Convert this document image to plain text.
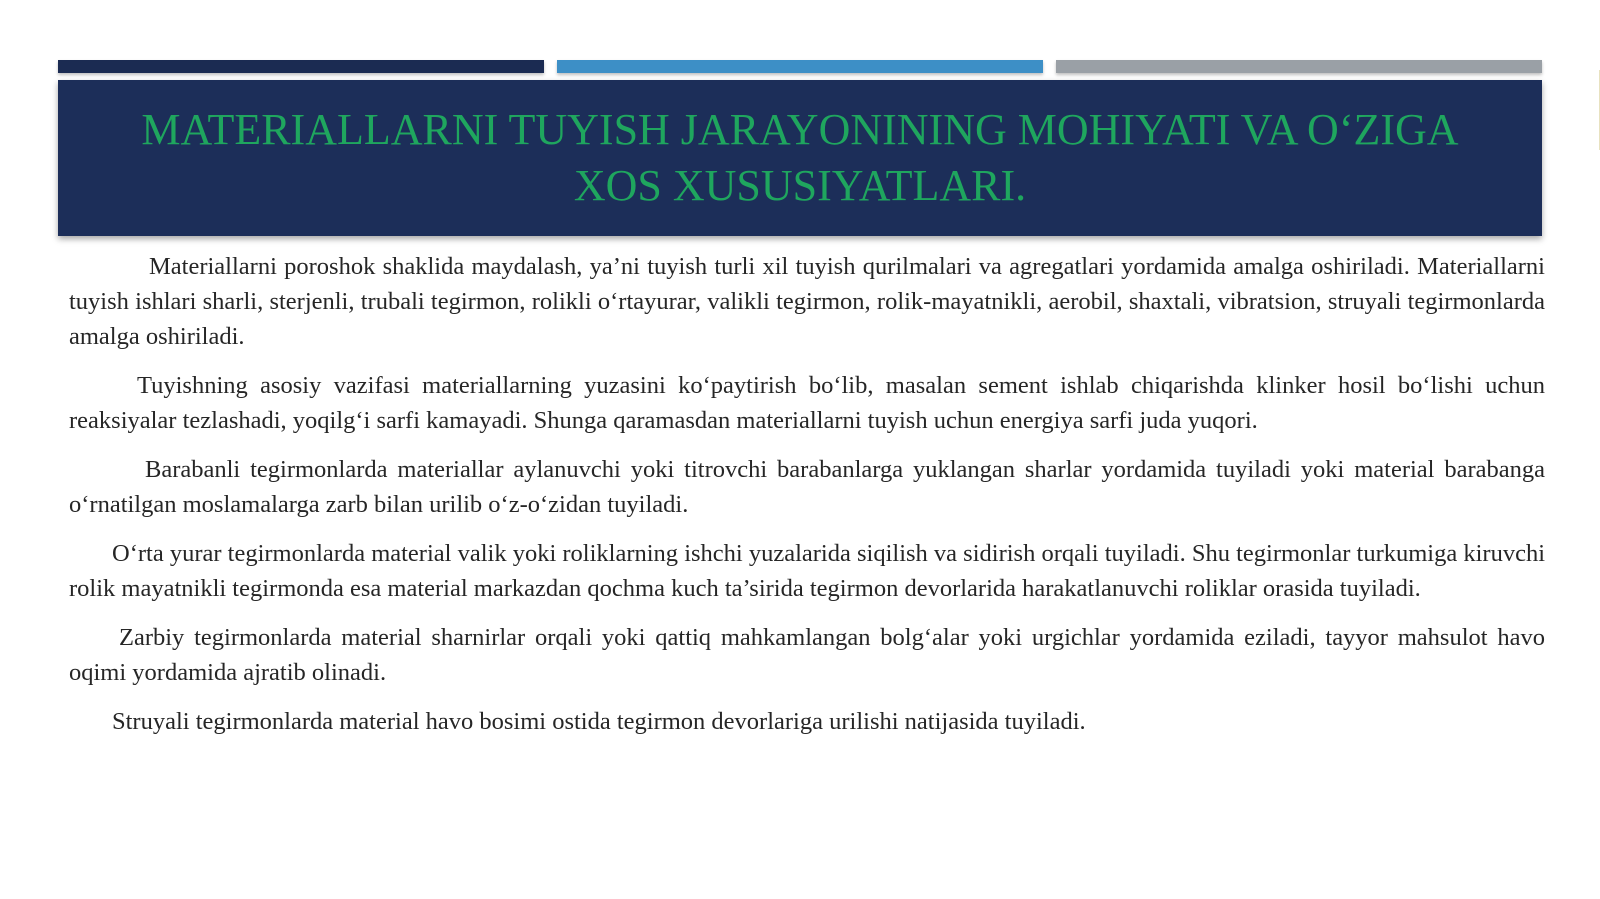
MATERIALLARNI TUYISH JARAYONINING MOHIYATI VA O‘ZIGA XOS XUSUSIYATLARI.

Materiallarni poroshok shaklida maydalash, ya’ni tuyish turli xil tuyish qurilmalari va agregatlari yordamida amalga oshiriladi. Materiallarni tuyish ishlari sharli, sterjenli, trubali tegirmon, rolikli o‘rtayurar, valikli tegirmon, rolik-mayatnikli, aerobil, shaxtali, vibratsion, struyali tegirmonlarda amalga oshiriladi.

Tuyishning asosiy vazifasi materiallarning yuzasini ko‘paytirish bo‘lib, masalan sement ishlab chiqarishda klinker hosil bo‘lishi uchun reaksiyalar tezlashadi, yoqilg‘i sarfi kamayadi. Shunga qaramasdan materiallarni tuyish uchun energiya sarfi juda yuqori.

Barabanli tegirmonlarda materiallar aylanuvchi yoki titrovchi barabanlarga yuklangan sharlar yordamida tuyiladi yoki material barabanga o‘rnatilgan moslamalarga zarb bilan urilib o‘z-o‘zidan tuyiladi.

O‘rta yurar tegirmonlarda material valik yoki roliklarning ishchi yuzalarida siqilish va sidirish orqali tuyiladi. Shu tegirmonlar turkumiga kiruvchi rolik mayatnikli tegirmonda esa material markazdan qochma kuch ta’sirida tegirmon devorlarida harakatlanuvchi roliklar orasida tuyiladi.

Zarbiy tegirmonlarda material sharnirlar orqali yoki qattiq mahkamlangan bolg‘alar yoki urgichlar yordamida eziladi, tayyor mahsulot havo oqimi yordamida ajratib olinadi.

Struyali tegirmonlarda material havo bosimi ostida tegirmon devorlariga urilishi natijasida tuyiladi.
